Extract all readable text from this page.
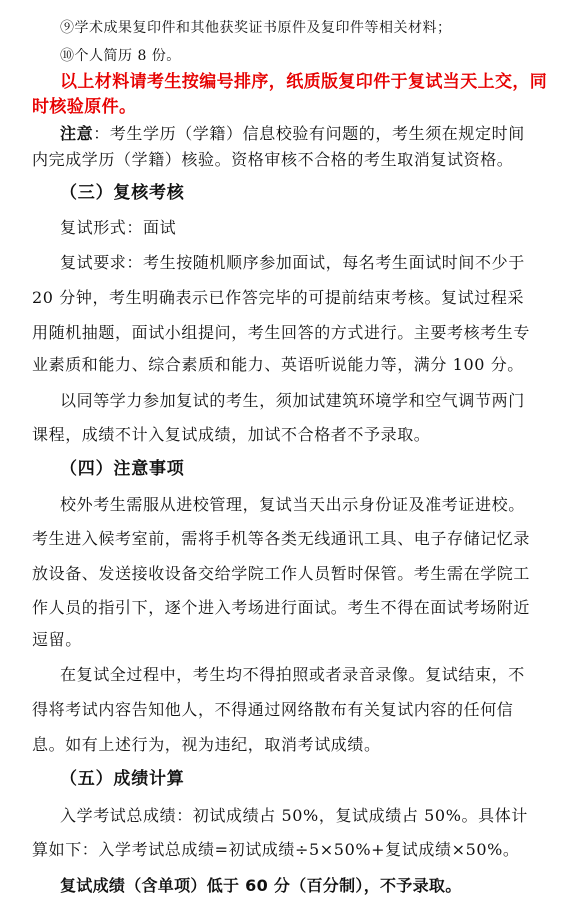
⑨学术成果复印件和其他获奖证书原件及复印件等相关材料；
⑩个人简历 8 份。
以上材料请考生按编号排序，纸质版复印件于复试当天上交，同
时核验原件。
注意：考生学历（学籍）信息校验有问题的，考生须在规定时间
内完成学历（学籍）核验。资格审核不合格的考生取消复试资格。
（三）复核考核
复试形式：面试
复试要求：考生按随机顺序参加面试，每名考生面试时间不少于
20 分钟，考生明确表示已作答完毕的可提前结束考核。复试过程采
用随机抽题，面试小组提问，考生回答的方式进行。主要考核考生专
业素质和能力、综合素质和能力、英语听说能力等，满分 100 分。
以同等学力参加复试的考生，须加试建筑环境学和空气调节两门
课程，成绩不计入复试成绩，加试不合格者不予录取。
（四）注意事项
校外考生需服从进校管理，复试当天出示身份证及准考证进校。
考生进入候考室前，需将手机等各类无线通讯工具、电子存储记忆录
放设备、发送接收设备交给学院工作人员暂时保管。考生需在学院工
作人员的指引下，逐个进入考场进行面试。考生不得在面试考场附近
逗留。
在复试全过程中，考生均不得拍照或者录音录像。复试结束，不
得将考试内容告知他人，不得通过网络散布有关复试内容的任何信
息。如有上述行为，视为违纪，取消考试成绩。
（五）成绩计算
入学考试总成绩：初试成绩占 50%，复试成绩占 50%。具体计
算如下：入学考试总成绩=初试成绩÷5×50%+复试成绩×50%。
复试成绩（含单项）低于 60 分（百分制），不予录取。
